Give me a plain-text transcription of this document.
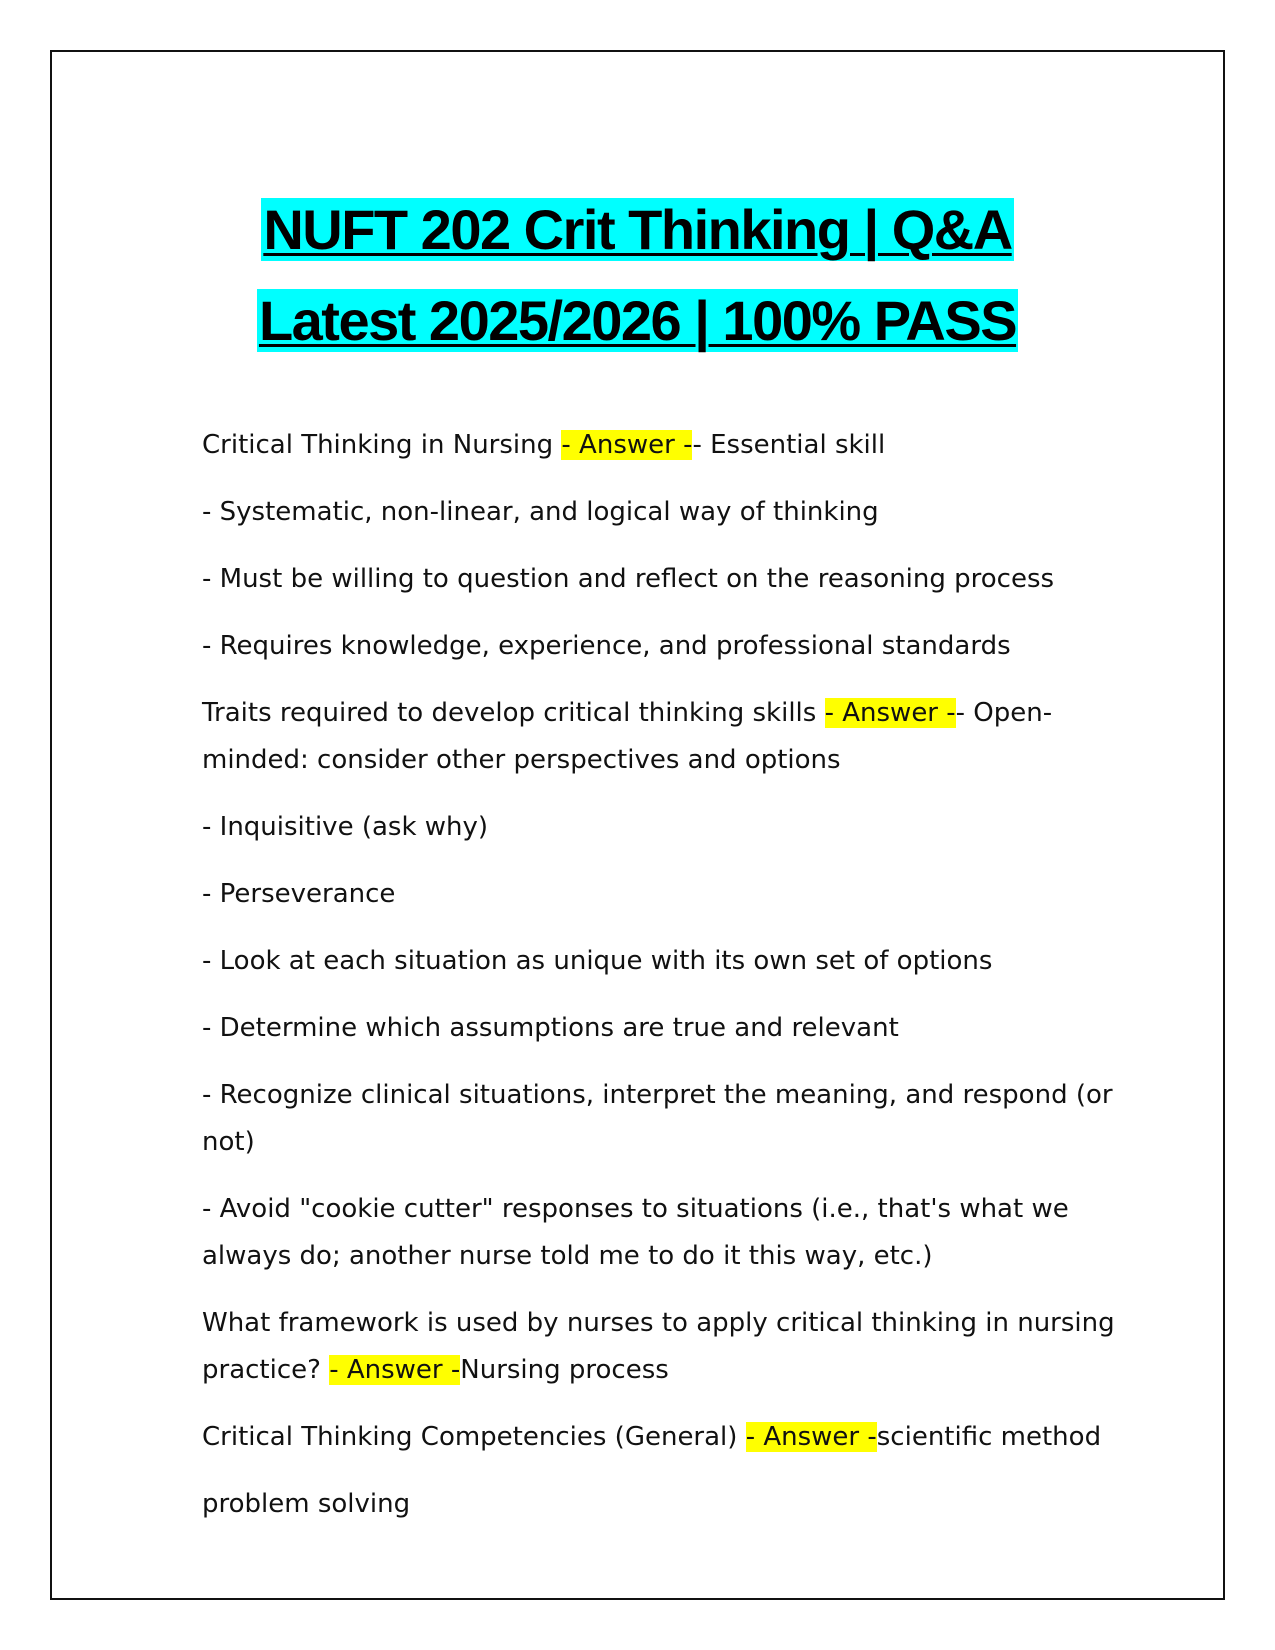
NUFT 202 Crit Thinking | Q&A
Latest 2025/2026 | 100% PASS

Critical Thinking in Nursing - Answer -- Essential skill

- Systematic, non-linear, and logical way of thinking

- Must be willing to question and reflect on the reasoning process

- Requires knowledge, experience, and professional standards

Traits required to develop critical thinking skills - Answer -- Open-minded: consider other perspectives and options

- Inquisitive (ask why)

- Perseverance

- Look at each situation as unique with its own set of options

- Determine which assumptions are true and relevant

- Recognize clinical situations, interpret the meaning, and respond (or not)

- Avoid "cookie cutter" responses to situations (i.e., that's what we always do; another nurse told me to do it this way, etc.)

What framework is used by nurses to apply critical thinking in nursing practice? - Answer -Nursing process

Critical Thinking Competencies (General) - Answer -scientific method

problem solving
